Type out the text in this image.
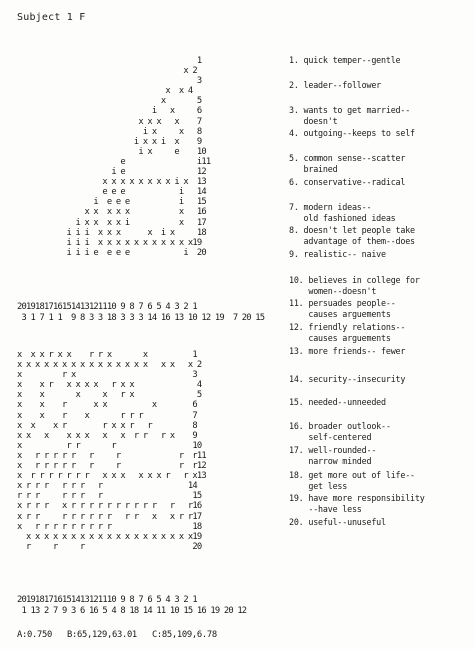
Subject 1 F
1
x 2
3
x  x 4
x       5
i   x     6
x x x   x    7
i x     x   8
i x x i  x    9
i x     e    10
e                i11
i e                12
x x x x x x x x i x  13
e e e            i   14
i  e e e           i   15
x x  x x x           x   16
i x x  x x i           x   17
i i i  x x x      x  i x     18
i i i  x x x x x x x x x x x19
i i i e  e e e            i  20
2019181716151413121110 9 8 7 6 5 4 3 2 1
3 1 7 1 1  9 8 3 3 18 3 3 3 14 16 13 10 12 19  7 20 15
1. quick temper--gentle
2. leader--follower
3. wants to get married--
doesn't
4. outgoing--keeps to self
5. common sense--scatter
brained
6. conservative--radical
7. modern ideas--
old fashioned ideas
8. doesn't let people take
advantage of them--does
9. realistic-- naive
10. believes in college for
women--doesn't
11. persuades people--
causes arguements
12. friendly relations--
causes arguements
13. more friends-- fewer
x  x x r x x    r r x       x          1
x x x x x x x x x x x x x x x   x x   x 2
x         r x                          3
x    x r   x x x x   r x x              4
x    x       x     x   r x              5
x    x    r      x x          x        6
x    x    r    x       r r r           7
x  x    x r        r x x r   r         8
x x   x    x x x   x   x  r r   r x    9
x          r r       r                 10
x   r r r r r   r     r             r  r11
x   r r r r r   r     r             r  r12
x  r r r r r r r   x x x   x x x r   r x13
x r r r   r r r   r                   14
r r r     r r r   r                    15
x r r r   x r r r r r r r r r r   r   r16
x r r     r r r r r r   r r   x   x r r17
x   r r r r r r r r r                  18
x x x x x x x x x x x x x x x x x x x19
r     r     r                        20
2019181716151413121110 9 8 7 6 5 4 3 2 1
1 13 2 7 9 3 6 16 5 4 8 18 14 11 10 15 16 19 20 12
14. security--insecurity
15. needed--unneeded
16. broader outlook--
self-centered
17. well-rounded--
narrow minded
18. get more out of life--
get less
19. have more responsibility
--have less
20. useful--unuseful
A:0.750 B:65,129,63.01 C:85,109,6.78
